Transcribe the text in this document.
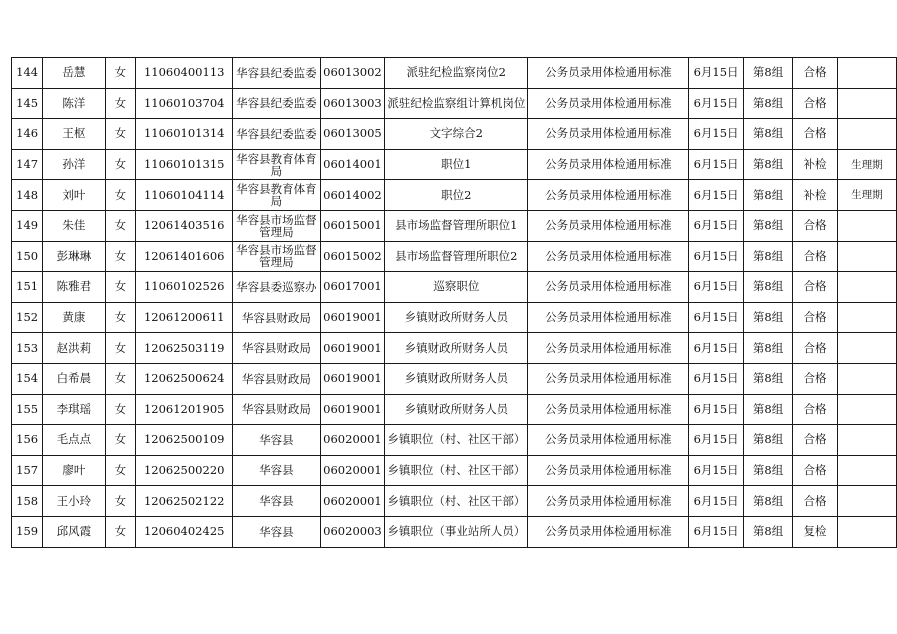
144	岳慧	女	11060400113	华容县纪委监委	06013002	派驻纪检监察岗位2	公务员录用体检通用标准	6月15日	第8组	合格	
145	陈洋	女	11060103704	华容县纪委监委	06013003	派驻纪检监察组计算机岗位	公务员录用体检通用标准	6月15日	第8组	合格	
146	王枢	女	11060101314	华容县纪委监委	06013005	文字综合2	公务员录用体检通用标准	6月15日	第8组	合格	
147	孙洋	女	11060101315	华容县教育体育局	06014001	职位1	公务员录用体检通用标准	6月15日	第8组	补检	生理期
148	刘叶	女	11060104114	华容县教育体育局	06014002	职位2	公务员录用体检通用标准	6月15日	第8组	补检	生理期
149	朱佳	女	12061403516	华容县市场监督管理局	06015001	县市场监督管理所职位1	公务员录用体检通用标准	6月15日	第8组	合格	
150	彭琳琳	女	12061401606	华容县市场监督管理局	06015002	县市场监督管理所职位2	公务员录用体检通用标准	6月15日	第8组	合格	
151	陈雅君	女	11060102526	华容县委巡察办	06017001	巡察职位	公务员录用体检通用标准	6月15日	第8组	合格	
152	黄康	女	12061200611	华容县财政局	06019001	乡镇财政所财务人员	公务员录用体检通用标准	6月15日	第8组	合格	
153	赵洪莉	女	12062503119	华容县财政局	06019001	乡镇财政所财务人员	公务员录用体检通用标准	6月15日	第8组	合格	
154	白希晨	女	12062500624	华容县财政局	06019001	乡镇财政所财务人员	公务员录用体检通用标准	6月15日	第8组	合格	
155	李琪瑶	女	12061201905	华容县财政局	06019001	乡镇财政所财务人员	公务员录用体检通用标准	6月15日	第8组	合格	
156	毛点点	女	12062500109	华容县	06020001	乡镇职位（村、社区干部）	公务员录用体检通用标准	6月15日	第8组	合格	
157	廖叶	女	12062500220	华容县	06020001	乡镇职位（村、社区干部）	公务员录用体检通用标准	6月15日	第8组	合格	
158	王小玲	女	12062502122	华容县	06020001	乡镇职位（村、社区干部）	公务员录用体检通用标准	6月15日	第8组	合格	
159	邱风霞	女	12060402425	华容县	06020003	乡镇职位（事业站所人员）	公务员录用体检通用标准	6月15日	第8组	复检	
